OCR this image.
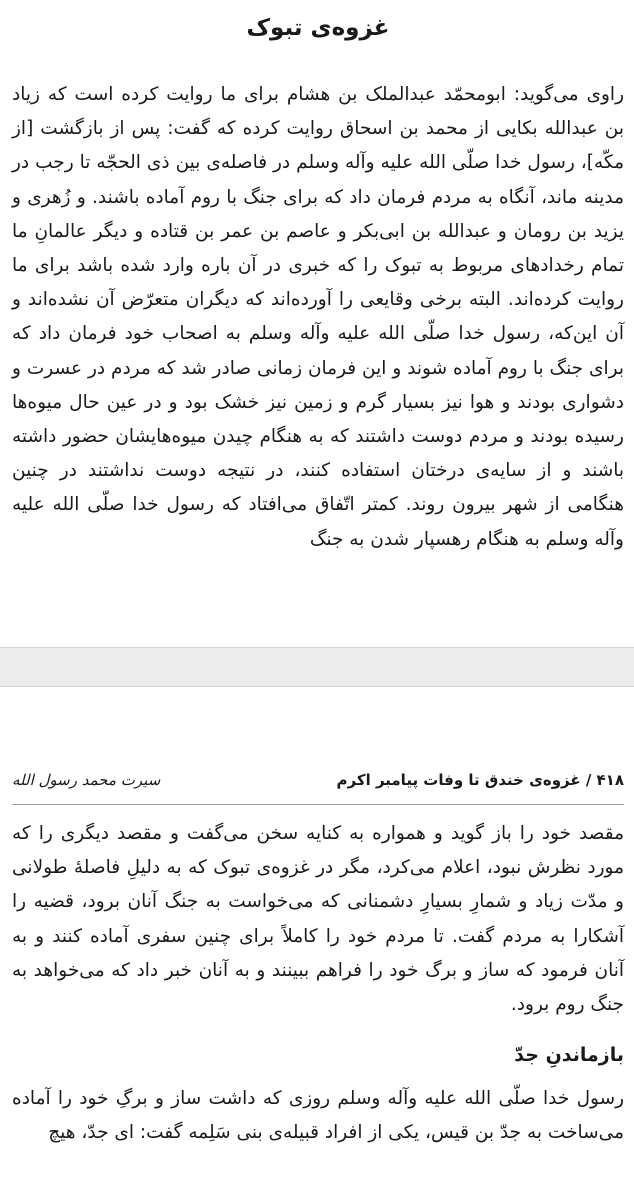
غزوه‌ی تبوک

راوی می‌گوید: ابومحمّد عبدالملک بن هشام برای ما روایت کرده است که زیاد بن عبدالله بکایی از محمد بن اسحاق روایت کرده که گفت: پس از بازگشت [از مکّه]، رسول خدا صلّی الله علیه وآله وسلم در فاصله‌ی بین ذی الحجّه تا رجب در مدینه ماند، آنگاه به مردم فرمان داد که برای جنگ با روم آماده باشند. و زُهری و یزید بن رومان و عبدالله بن ابی‌بکر و عاصم بن عمر بن قتاده و دیگر عالمانِ ما تمام رخدادهای مربوط به تبوک را که خبری در آن باره وارد شده باشد برای ما روایت کرده‌اند. البته برخی وقایعی را آورده‌اند که دیگران متعرّض آن نشده‌اند و آن این‌که، رسول خدا صلّی الله علیه وآله وسلم به اصحاب خود فرمان داد که برای جنگ با روم آماده شوند و این فرمان زمانی صادر شد که مردم در عسرت و دشواری بودند و هوا نیز بسیار گرم و زمین نیز خشک بود و در عین حال میوه‌ها رسیده بودند و مردم دوست داشتند که به هنگام چیدن میوه‌هایشان حضور داشته باشند و از سایه‌ی درختان استفاده کنند، در نتیجه دوست نداشتند در چنین هنگامی از شهر بیرون روند. کمتر اتّفاق می‌افتاد که رسول خدا صلّی الله علیه وآله وسلم به هنگام رهسپار شدن به جنگ

۴۱۸ / غزوه‌ی خندق تا وفات پیامبر اکرم
سیرت محمد رسول الله

مقصد خود را باز گوید و همواره به کنایه سخن می‌گفت و مقصد دیگری را که مورد نظرش نبود، اعلام می‌کرد، مگر در غزوه‌ی تبوک که به دلیلِ فاصلهٔ طولانی و مدّت زیاد و شمارِ بسیارِ دشمنانی که می‌خواست به جنگ آنان برود، قضیه را آشکارا به مردم گفت. تا مردم خود را کاملاً برای چنین سفری آماده کنند و به آنان فرمود که ساز و برگ خود را فراهم ببینند و به آنان خبر داد که می‌خواهد به جنگ روم برود.

بازماندنِ جدّ

رسول خدا صلّی الله علیه وآله وسلم روزی که داشت ساز و برگِ خود را آماده می‌ساخت به جدّ بن قیس، یکی از افراد قبیله‌ی بنی سَلِمه گفت: ای جدّ، هیچ
